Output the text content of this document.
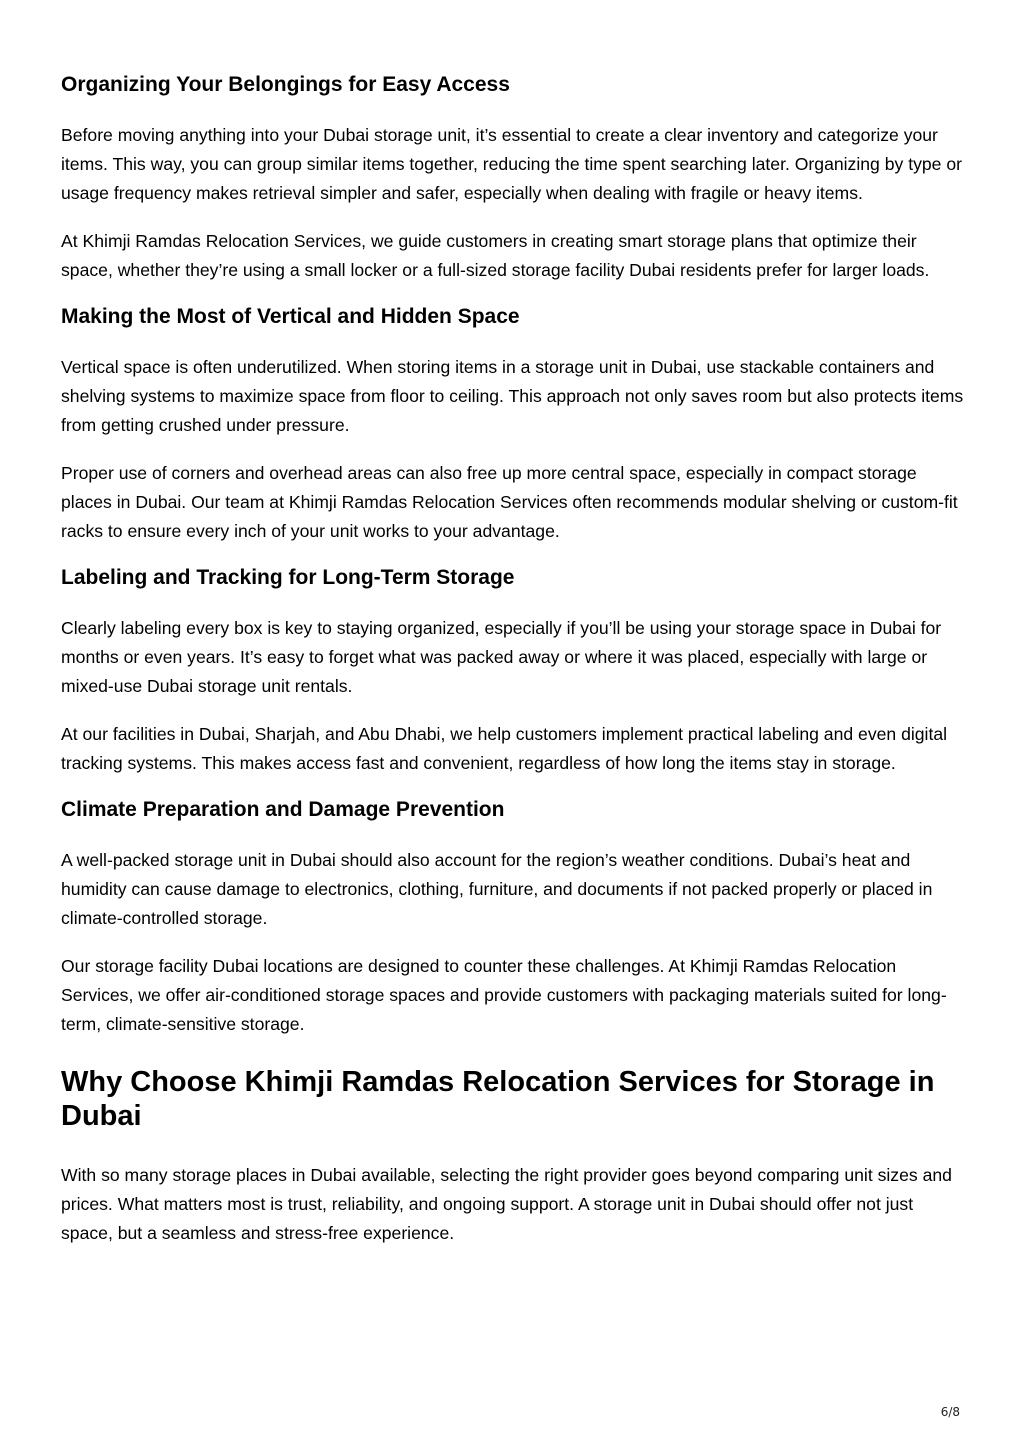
Organizing Your Belongings for Easy Access

Before moving anything into your Dubai storage unit, it’s essential to create a clear inventory and categorize your items. This way, you can group similar items together, reducing the time spent searching later. Organizing by type or usage frequency makes retrieval simpler and safer, especially when dealing with fragile or heavy items.

At Khimji Ramdas Relocation Services, we guide customers in creating smart storage plans that optimize their space, whether they’re using a small locker or a full-sized storage facility Dubai residents prefer for larger loads.

Making the Most of Vertical and Hidden Space

Vertical space is often underutilized. When storing items in a storage unit in Dubai, use stackable containers and shelving systems to maximize space from floor to ceiling. This approach not only saves room but also protects items from getting crushed under pressure.

Proper use of corners and overhead areas can also free up more central space, especially in compact storage places in Dubai. Our team at Khimji Ramdas Relocation Services often recommends modular shelving or custom-fit racks to ensure every inch of your unit works to your advantage.

Labeling and Tracking for Long-Term Storage

Clearly labeling every box is key to staying organized, especially if you’ll be using your storage space in Dubai for months or even years. It’s easy to forget what was packed away or where it was placed, especially with large or mixed-use Dubai storage unit rentals.

At our facilities in Dubai, Sharjah, and Abu Dhabi, we help customers implement practical labeling and even digital tracking systems. This makes access fast and convenient, regardless of how long the items stay in storage.

Climate Preparation and Damage Prevention

A well-packed storage unit in Dubai should also account for the region’s weather conditions. Dubai’s heat and humidity can cause damage to electronics, clothing, furniture, and documents if not packed properly or placed in climate-controlled storage.

Our storage facility Dubai locations are designed to counter these challenges. At Khimji Ramdas Relocation Services, we offer air-conditioned storage spaces and provide customers with packaging materials suited for long-term, climate-sensitive storage.

Why Choose Khimji Ramdas Relocation Services for Storage in Dubai

With so many storage places in Dubai available, selecting the right provider goes beyond comparing unit sizes and prices. What matters most is trust, reliability, and ongoing support. A storage unit in Dubai should offer not just space, but a seamless and stress-free experience.

6/8
